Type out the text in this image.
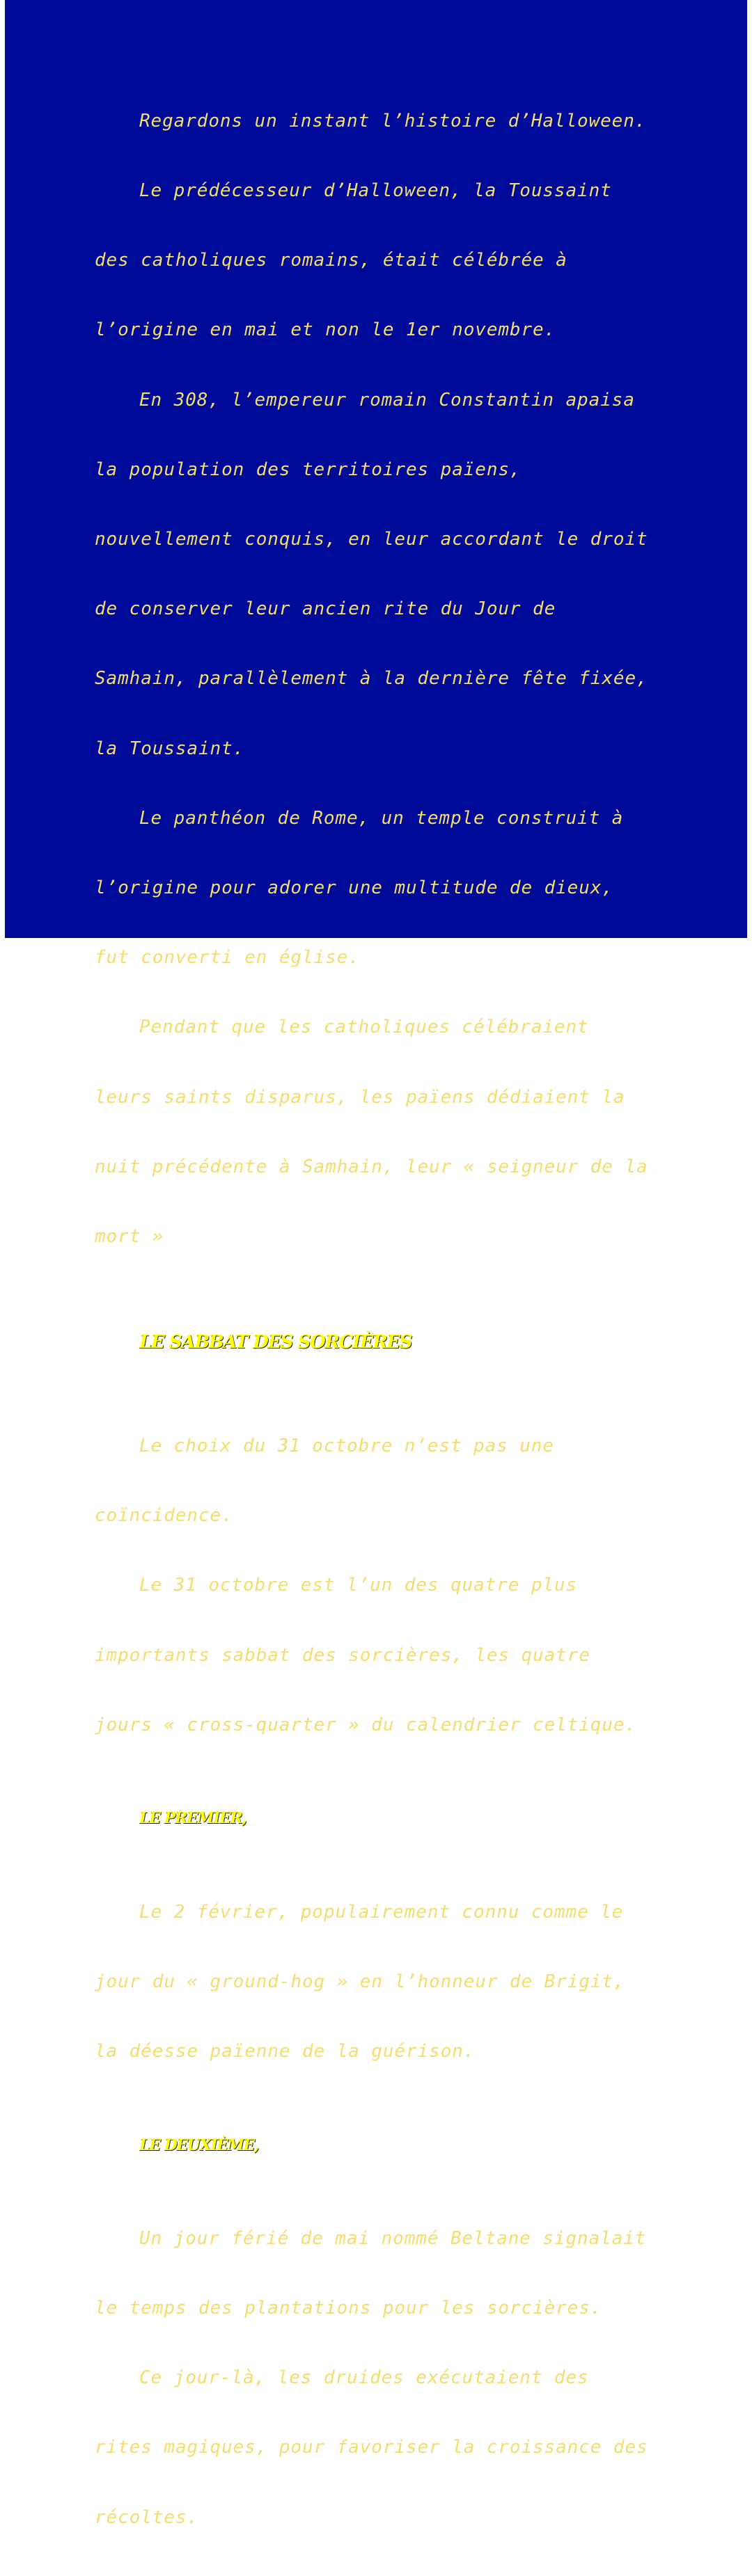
Regardons un instant l’histoire d’Halloween.

Le prédécesseur d’Halloween, la Toussaint

des catholiques romains, était célébrée à

l’origine en mai et non le 1er novembre.

En 308, l’empereur romain Constantin apaisa

la population des territoires païens,

nouvellement conquis, en leur accordant le droit

de conserver leur ancien rite du Jour de

Samhain, parallèlement à la dernière fête fixée,

la Toussaint.

Le panthéon de Rome, un temple construit à

l’origine pour adorer une multitude de dieux,

fut converti en église.

Pendant que les catholiques célébraient

leurs saints disparus, les païens dédiaient la

nuit précédente à Samhain, leur « seigneur de la

mort »

LE SABBAT DES SORCIÈRES

Le choix du 31 octobre n’est pas une

coïncidence.

Le 31 octobre est l’un des quatre plus

importants sabbat des sorcières, les quatre

jours « cross-quarter » du calendrier celtique.

LE PREMIER,

Le 2 février, populairement connu comme le

jour du « ground-hog » en l’honneur de Brigit,

la déesse païenne de la guérison.

LE DEUXIÈME,

Un jour férié de mai nommé Beltane signalait

le temps des plantations pour les sorcières.

Ce jour-là, les druides exécutaient des

rites magiques, pour favoriser la croissance des

récoltes.
